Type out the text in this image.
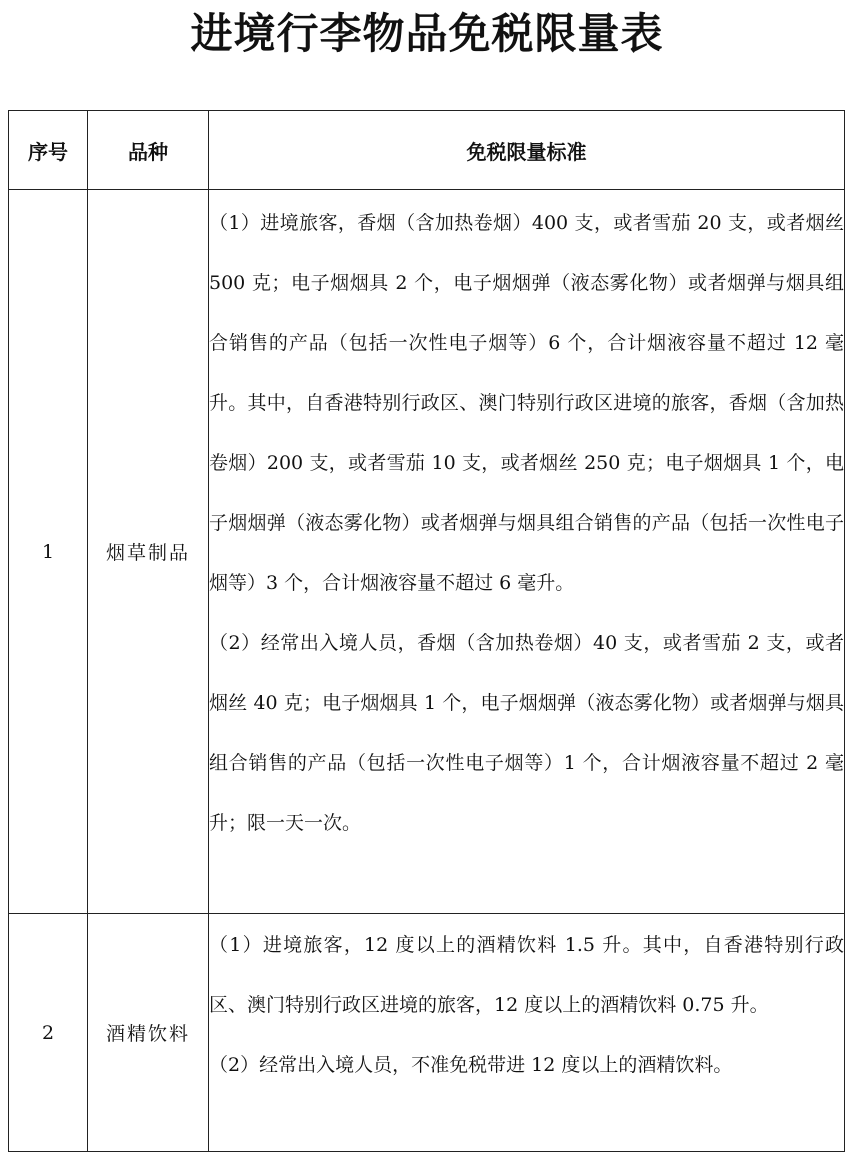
进境行李物品免税限量表
序号	品种	免税限量标准
1	烟草制品	（1）进境旅客，香烟（含加热卷烟）400 支，或者雪茄 20 支，或者烟丝 500 克；电子烟烟具 2 个，电子烟烟弹（液态雾化物）或者烟弹与烟具组合销售的产品（包括一次性电子烟等）6 个，合计烟液容量不超过 12 毫升。其中，自香港特别行政区、澳门特别行政区进境的旅客，香烟（含加热卷烟）200 支，或者雪茄 10 支，或者烟丝 250 克；电子烟烟具 1 个，电子烟烟弹（液态雾化物）或者烟弹与烟具组合销售的产品（包括一次性电子烟等）3 个，合计烟液容量不超过 6 毫升。

（2）经常出入境人员，香烟（含加热卷烟）40 支，或者雪茄 2 支，或者烟丝 40 克；电子烟烟具 1 个，电子烟烟弹（液态雾化物）或者烟弹与烟具组合销售的产品（包括一次性电子烟等）1 个，合计烟液容量不超过 2 毫升；限一天一次。

2	酒精饮料	（1）进境旅客，12 度以上的酒精饮料 1.5 升。其中，自香港特别行政区、澳门特别行政区进境的旅客，12 度以上的酒精饮料 0.75 升。

（2）经常出入境人员，不准免税带进 12 度以上的酒精饮料。
